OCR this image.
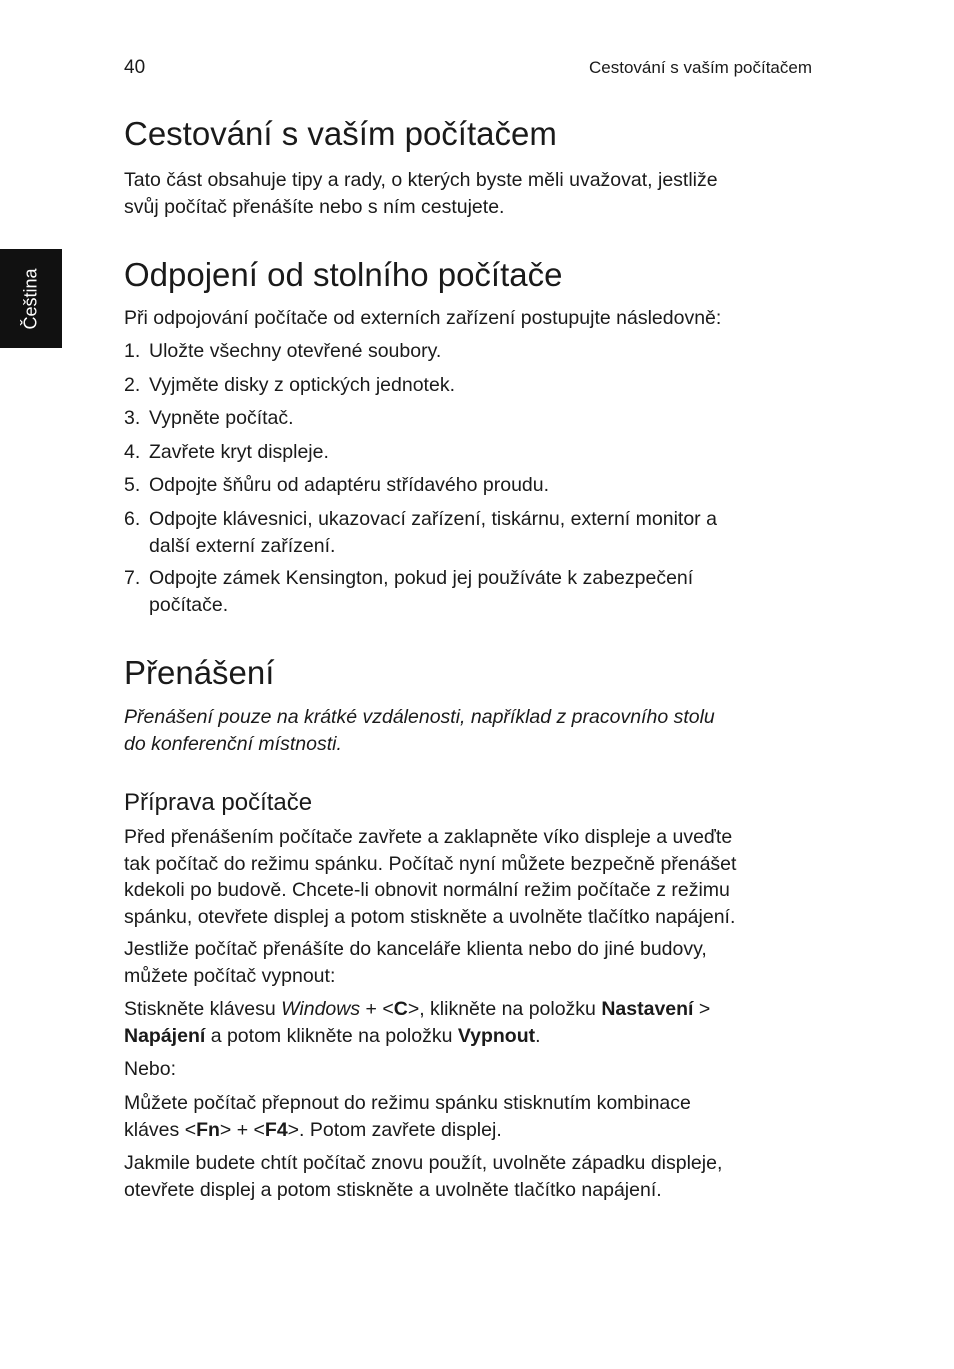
40	Cestování s vaším počítačem
Čeština
Cestování s vaším počítačem

Tato část obsahuje tipy a rady, o kterých byste měli uvažovat, jestliže
svůj počítač přenášíte nebo s ním cestujete.

Odpojení od stolního počítače

Při odpojování počítače od externích zařízení postupujte následovně:

1. Uložte všechny otevřené soubory.
2. Vyjměte disky z optických jednotek.
3. Vypněte počítač.
4. Zavřete kryt displeje.
5. Odpojte šňůru od adaptéru střídavého proudu.
6. Odpojte klávesnici, ukazovací zařízení, tiskárnu, externí monitor a
další externí zařízení.
7. Odpojte zámek Kensington, pokud jej používáte k zabezpečení
počítače.
Přenášení

Přenášení pouze na krátké vzdálenosti, například z pracovního stolu
do konferenční místnosti.

Příprava počítače

Před přenášením počítače zavřete a zaklapněte víko displeje a uveďte
tak počítač do režimu spánku. Počítač nyní můžete bezpečně přenášet
kdekoli po budově. Chcete-li obnovit normální režim počítače z režimu
spánku, otevřete displej a potom stiskněte a uvolněte tlačítko napájení.

Jestliže počítač přenášíte do kanceláře klienta nebo do jiné budovy,
můžete počítač vypnout:

Stiskněte klávesu Windows + <C>, klikněte na položku Nastavení >
Napájení a potom klikněte na položku Vypnout.

Nebo:

Můžete počítač přepnout do režimu spánku stisknutím kombinace
kláves <Fn> + <F4>. Potom zavřete displej.

Jakmile budete chtít počítač znovu použít, uvolněte západku displeje,
otevřete displej a potom stiskněte a uvolněte tlačítko napájení.
